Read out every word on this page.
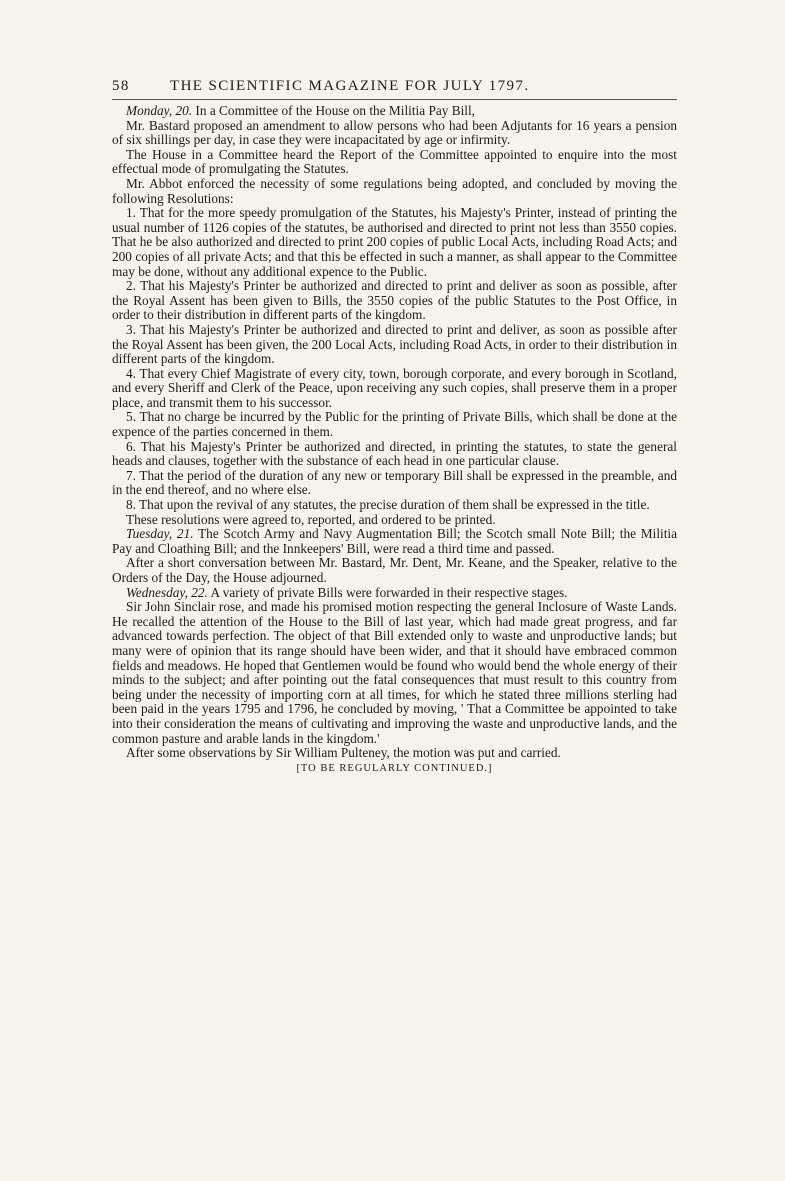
58	THE SCIENTIFIC MAGAZINE FOR JULY 1797.

Monday, 20. In a Committee of the House on the Militia Pay Bill,

Mr. Bastard proposed an amendment to allow persons who had been Adjutants for 16 years a pension of six shillings per day, in case they were incapacitated by age or infirmity.

The House in a Committee heard the Report of the Committee appointed to enquire into the most effectual mode of promulgating the Statutes.

Mr. Abbot enforced the necessity of some regulations being adopted, and concluded by moving the following Resolutions:

1. That for the more speedy promulgation of the Statutes, his Majesty's Printer, instead of printing the usual number of 1126 copies of the statutes, be authorised and directed to print not less than 3550 copies. That he be also authorized and directed to print 200 copies of public Local Acts, including Road Acts; and 200 copies of all private Acts; and that this be effected in such a manner, as shall appear to the Committee may be done, without any additional expence to the Public.

2. That his Majesty's Printer be authorized and directed to print and deliver as soon as possible, after the Royal Assent has been given to Bills, the 3550 copies of the public Statutes to the Post Office, in order to their distribution in different parts of the kingdom.

3. That his Majesty's Printer be authorized and directed to print and deliver, as soon as possible after the Royal Assent has been given, the 200 Local Acts, including Road Acts, in order to their distribution in different parts of the kingdom.

4. That every Chief Magistrate of every city, town, borough corporate, and every borough in Scotland, and every Sheriff and Clerk of the Peace, upon receiving any such copies, shall preserve them in a proper place, and transmit them to his successor.

5. That no charge be incurred by the Public for the printing of Private Bills, which shall be done at the expence of the parties concerned in them.

6. That his Majesty's Printer be authorized and directed, in printing the statutes, to state the general heads and clauses, together with the substance of each head in one particular clause.

7. That the period of the duration of any new or temporary Bill shall be expressed in the preamble, and in the end thereof, and no where else.

8. That upon the revival of any statutes, the precise duration of them shall be expressed in the title.

These resolutions were agreed to, reported, and ordered to be printed.

Tuesday, 21. The Scotch Army and Navy Augmentation Bill; the Scotch small Note Bill; the Militia Pay and Cloathing Bill; and the Innkeepers' Bill, were read a third time and passed.

After a short conversation between Mr. Bastard, Mr. Dent, Mr. Keane, and the Speaker, relative to the Orders of the Day, the House adjourned.

Wednesday, 22. A variety of private Bills were forwarded in their respective stages.

Sir John Sinclair rose, and made his promised motion respecting the general Inclosure of Waste Lands. He recalled the attention of the House to the Bill of last year, which had made great progress, and far advanced towards perfection. The object of that Bill extended only to waste and unproductive lands; but many were of opinion that its range should have been wider, and that it should have embraced common fields and meadows. He hoped that Gentlemen would be found who would bend the whole energy of their minds to the subject; and after pointing out the fatal consequences that must result to this country from being under the necessity of importing corn at all times, for which he stated three millions sterling had been paid in the years 1795 and 1796, he concluded by moving, ' That a Committee be appointed to take into their consideration the means of cultivating and improving the waste and unproductive lands, and the common pasture and arable lands in the kingdom.'

After some observations by Sir William Pulteney, the motion was put and carried.

[TO BE REGULARLY CONTINUED.]
